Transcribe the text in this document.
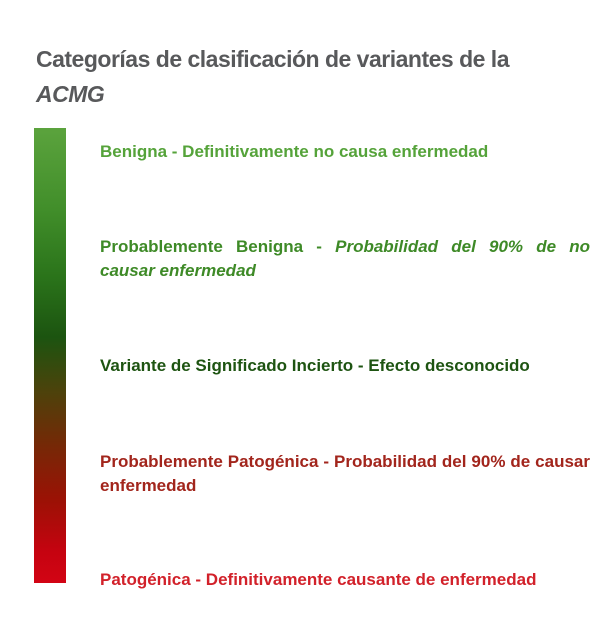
Categorías de clasificación de variantes de la
ACMG

Benigna - Definitivamente no causa enfermedad

Probablemente Benigna - Probabilidad del 90% de no causar enfermedad

Variante de Significado Incierto - Efecto desconocido

Probablemente Patogénica - Probabilidad del 90% de causar enfermedad

Patogénica - Definitivamente causante de enfermedad
